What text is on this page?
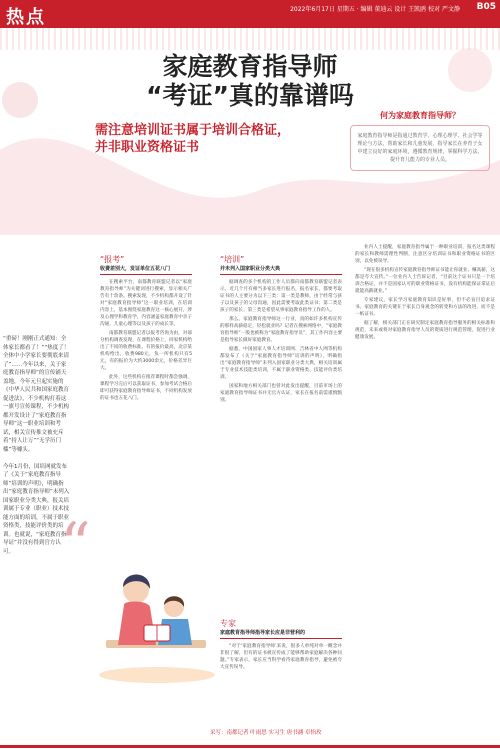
热点	2022年6月17日 星期五 · 编辑 董迪云 设计 王凯鸥 校对 严文静 B05
家庭教育指导师
“考证”真的靠谱吗
需注意培训证书属于培训合格证，
并非职业资格证书
何为家庭教育指导师？
家庭教育指导师是指通过教育学、心理心理学、社会学等理论与方法，帮助家长和儿童发展，指导家长在养育子女中建立良好的家庭环境，遵循教育规律，掌握科学方法，提升育儿能力的专业人员。
“重磅！刚刚正式通知：全体家长都看了！”“热度了！全体中小学家长要彻底来请了”……今年以来，关于家庭教育指导师”的宣传铺天盖地，今年元旦起实施的《中华人民共和国家庭教育促进法》，不少机构打着这一旗号宣传课程，不少机构都开发设计了“家庭教育指导师”这一职业培训和考试，相关宣传推文被充斥着“持人让万”“无学历门槛”等噱头。

今年1月份，国培网就发布了《关于“家庭教育指导师”培训的声明》，明确指出“家庭教育指导师”未列入国家职业分类大典，报关培训属于专业（职业）技术技能方面的培训，不属于职业资格类，技能评价类的培训。也就说，“家庭教育指导证”并没有得到官方认可。 “
“报考”
收费差别大，发证单位五花八门

在搜索平台，南都教育联盟记者以“家庭教育指导师”为关键词进行搜索，显示相关广告有十余条。搜索发现，不少机构都开设了针对“家庭教育指导师”这一职业培训，在培训内容上，基本围绕家庭教育这一核心展开，涉及心理学和教育学，内容涵盖家庭教育中亲子沟通，儿童心理等以及孩子的成长等。

南都教育联盟记者以报考咨询为由，对部分机构调查发现，在课程价格上，同家机构给出了不同的收费标准。有的报价最高，北京某机构给出，收费980元，负一所机构只有5元，有的报价为大约3000余元，价格差异巨大。

此外，这些机构在推荐课程时都会强调，课程学习完后可以获取证书，参加考试合格后即可获得家庭教育指导师证书，不同机构发放的证书也五花八门。

“培训”
并未列入国家职业分类大典

据调查的多个机构的工作人员都向南都教育联盟记者表示，近几个月有相当多家长进行报名，报名家长，都要考取证书的人主要分为以下三类：第一类是教师，由于经常与孩子以及孩子的父母沟通，因此需要考取此类证书；第二类是孩子的家长；第三类是希望从事家庭教育指导工作的人。

那么，家庭教育指导师这一行业，真的如许多机构宣传的那样高薪稳定，轻松就业吗？记者在搜索网络中，“家庭教育指导师”一般也被称为“家庭教育指导员”，其工作内容主要是指导家长做好家庭教育。

据悉，中国国家人事人才培训网、吉林省中人网等机构都发布了《关于“家庭教育指导师”培训的声明》，明确指出“家庭教育指导师”未列入国家职业分类大典，相关培训属于专业技术技能类培训，不属于职业资格类、技能评价类培训。

国家和地方相关部门也曾对此发出提醒，目前市场上的家庭教育指导师证书并无官方认证，家长在报名前需谨慎甄别。

业内人士提醒，家庭教育指导属于一种职业培训，报名这类课程的家长和教师需理性判断，注意区分培训证书和职业资格证书的区别，以免被误导。

“现在很多机构宣传家庭教育指导师证书能让你就业、赚高薪，这都是夸大宣传。”一位业内人士告诉记者，“目前这个证书只是一个培训合格证，并不是国家认可的职业资格证书，没有机构能保证拿证后就能高薪就业。”

专家建议，家长学习家庭教育知识是好事，但不必盲目追求证书。家庭教育的关键在于家长自身观念的转变和方法的改进，而不是一纸证书。

据了解，相关部门正在研究制定家庭教育指导服务的相关标准和规范，未来或将对家庭教育指导人员的资质进行规范管理，促进行业健康发展。

专家
家庭教育指导师指导家长应是非营利的

“对于‘家庭教育指导师’来说，很多人单纯对单一概念并非很了解，但有的证书被宣传成了能够帮助家庭解决各种问题。”专家表示，家长应当科学看待家庭教育指导，避免被夸大宣传误导。

采写：南都记者 叶雨思 实习生 唐书涵 卓怡玫
